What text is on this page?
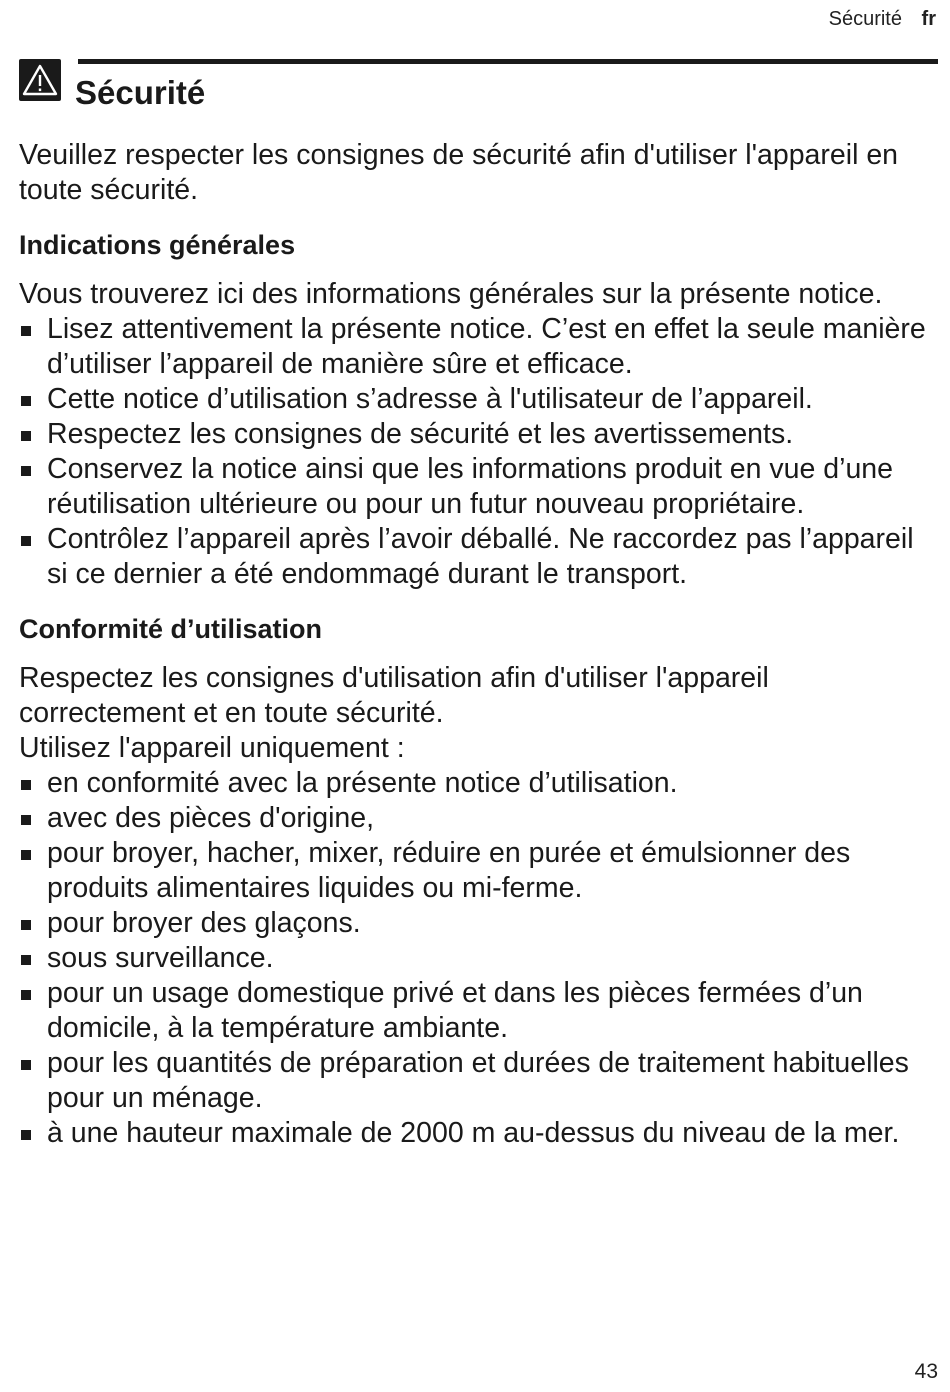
Sécurité fr
Sécurité

Veuillez respecter les consignes de sécurité afin d'utiliser l'appareil en toute sécurité.

Indications générales

Vous trouverez ici des informations générales sur la présente notice.

Lisez attentivement la présente notice. C’est en effet la seule manière d’utiliser l’appareil de manière sûre et efficace.
Cette notice d’utilisation s’adresse à l'utilisateur de l’appareil.
Respectez les consignes de sécurité et les avertissements.
Conservez la notice ainsi que les informations produit en vue d’une réutilisation ultérieure ou pour un futur nouveau propriétaire.
Contrôlez l’appareil après l’avoir déballé. Ne raccordez pas l’appareil si ce dernier a été endommagé durant le transport.
Conformité d’utilisation

Respectez les consignes d'utilisation afin d'utiliser l'appareil correctement et en toute sécurité.

Utilisez l'appareil uniquement :

en conformité avec la présente notice d’utilisation.
avec des pièces d'origine,
pour broyer, hacher, mixer, réduire en purée et émulsionner des produits alimentaires liquides ou mi-ferme.
pour broyer des glaçons.
sous surveillance.
pour un usage domestique privé et dans les pièces fermées d’un domicile, à la température ambiante.
pour les quantités de préparation et durées de traitement habituelles pour un ménage.
à une hauteur maximale de 2000 m au-dessus du niveau de la mer.
43
